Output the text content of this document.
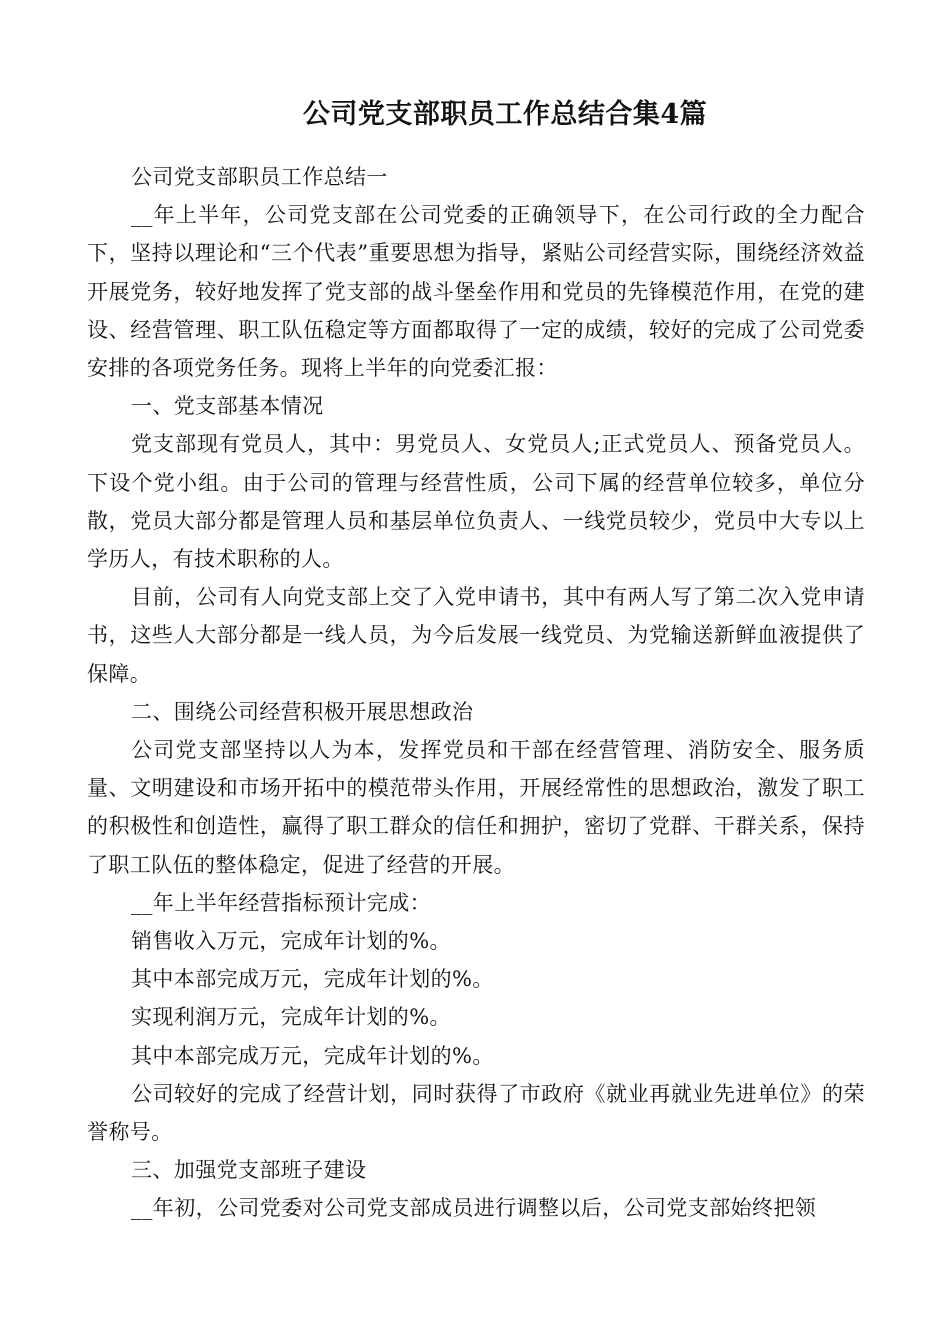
公司党支部职员工作总结合集4篇

公司党支部职员工作总结一

__年上半年，公司党支部在公司党委的正确领导下，在公司行政的全力配合下，坚持以理论和“三个代表”重要思想为指导，紧贴公司经营实际，围绕经济效益开展党务，较好地发挥了党支部的战斗堡垒作用和党员的先锋模范作用，在党的建设、经营管理、职工队伍稳定等方面都取得了一定的成绩，较好的完成了公司党委安排的各项党务任务。现将上半年的向党委汇报：

一、党支部基本情况

党支部现有党员人，其中：男党员人、女党员人;正式党员人、预备党员人。下设个党小组。由于公司的管理与经营性质，公司下属的经营单位较多，单位分散，党员大部分都是管理人员和基层单位负责人、一线党员较少，党员中大专以上学历人，有技术职称的人。

目前，公司有人向党支部上交了入党申请书，其中有两人写了第二次入党申请书，这些人大部分都是一线人员，为今后发展一线党员、为党输送新鲜血液提供了保障。

二、围绕公司经营积极开展思想政治

公司党支部坚持以人为本，发挥党员和干部在经营管理、消防安全、服务质量、文明建设和市场开拓中的模范带头作用，开展经常性的思想政治，激发了职工的积极性和创造性，赢得了职工群众的信任和拥护，密切了党群、干群关系，保持了职工队伍的整体稳定，促进了经营的开展。

__年上半年经营指标预计完成：

销售收入万元，完成年计划的%。

其中本部完成万元，完成年计划的%。

实现利润万元，完成年计划的%。

其中本部完成万元，完成年计划的%。

公司较好的完成了经营计划，同时获得了市政府《就业再就业先进单位》的荣誉称号。

三、加强党支部班子建设

__年初，公司党委对公司党支部成员进行调整以后，公司党支部始终把领
